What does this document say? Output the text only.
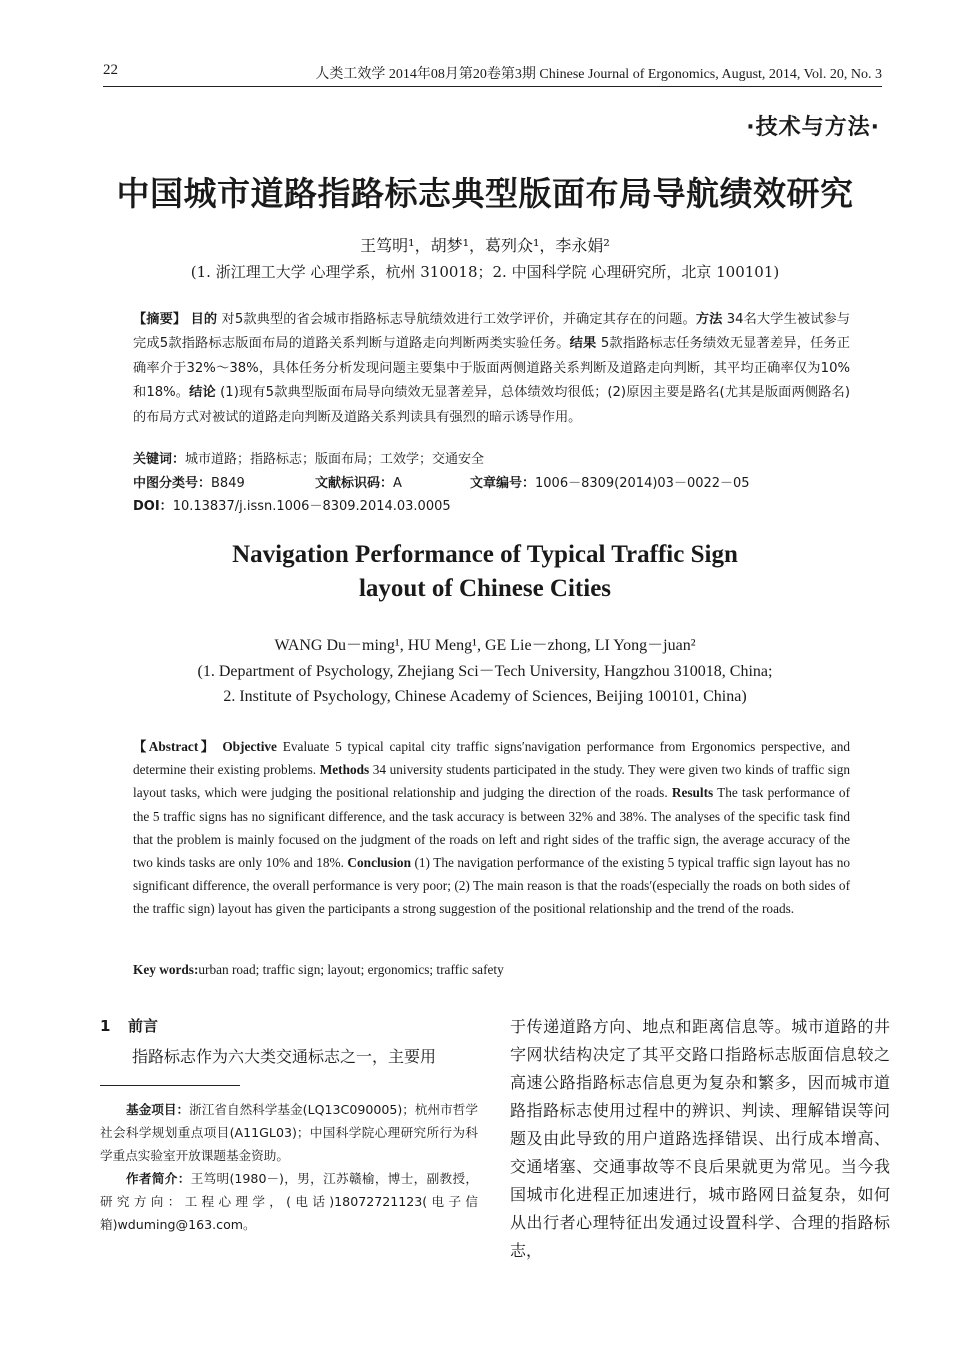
22	人类工效学 2014年08月第20卷第3期 Chinese Journal of Ergonomics, August, 2014, Vol. 20, No. 3
·技术与方法·
中国城市道路指路标志典型版面布局导航绩效研究
王笃明¹，胡梦¹，葛列众¹，李永娟²
(1. 浙江理工大学 心理学系，杭州 310018；2. 中国科学院 心理研究所，北京 100101)
【摘要】 目的 对5款典型的省会城市指路标志导航绩效进行工效学评价，并确定其存在的问题。方法 34名大学生被试参与完成5款指路标志版面布局的道路关系判断与道路走向判断两类实验任务。结果 5款指路标志任务绩效无显著差异，任务正确率介于32%～38%，具体任务分析发现问题主要集中于版面两侧道路关系判断及道路走向判断，其平均正确率仅为10%和18%。结论 (1)现有5款典型版面布局导向绩效无显著差异，总体绩效均很低；(2)原因主要是路名(尤其是版面两侧路名)的布局方式对被试的道路走向判断及道路关系判读具有强烈的暗示诱导作用。
关键词：城市道路；指路标志；版面布局；工效学；交通安全
中图分类号：B849	文献标识码：A	文章编号：1006－8309(2014)03－0022－05
DOI：10.13837/j.issn.1006－8309.2014.03.0005
Navigation Performance of Typical Traffic Sign
layout of Chinese Cities
WANG Du－ming¹, HU Meng¹, GE Lie－zhong, LI Yong－juan²
(1. Department of Psychology, Zhejiang Sci－Tech University, Hangzhou 310018, China;
2. Institute of Psychology, Chinese Academy of Sciences, Beijing 100101, China)
【Abstract】 Objective Evaluate 5 typical capital city traffic signs′navigation performance from Ergonomics perspective, and determine their existing problems. Methods 34 university students participated in the study. They were given two kinds of traffic sign layout tasks, which were judging the positional relationship and judging the direction of the roads. Results The task performance of the 5 traffic signs has no significant difference, and the task accuracy is between 32% and 38%. The analyses of the specific task find that the problem is mainly focused on the judgment of the roads on left and right sides of the traffic sign, the average accuracy of the two kinds tasks are only 10% and 18%. Conclusion (1) The navigation performance of the existing 5 typical traffic sign layout has no significant difference, the overall performance is very poor; (2) The main reason is that the roads′(especially the roads on both sides of the traffic sign) layout has given the participants a strong suggestion of the positional relationship and the trend of the roads.
Key words:urban road; traffic sign; layout; ergonomics; traffic safety
1 前言
指路标志作为六大类交通标志之一，主要用

基金项目：浙江省自然科学基金(LQ13C090005)；杭州市哲学社会科学规划重点项目(A11GL03)；中国科学院心理研究所行为科学重点实验室开放课题基金资助。

作者简介：王笃明(1980－)，男，江苏赣榆，博士，副教授，研究方向：工程心理学，(电话)18072721123(电子信箱)wduming@163.com。

于传递道路方向、地点和距离信息等。城市道路的井字网状结构决定了其平交路口指路标志版面信息较之高速公路指路标志信息更为复杂和繁多，因而城市道路指路标志使用过程中的辨识、判读、理解错误等问题及由此导致的用户道路选择错误、出行成本增高、交通堵塞、交通事故等不良后果就更为常见。当今我国城市化进程正加速进行，城市路网日益复杂，如何从出行者心理特征出发通过设置科学、合理的指路标志，
